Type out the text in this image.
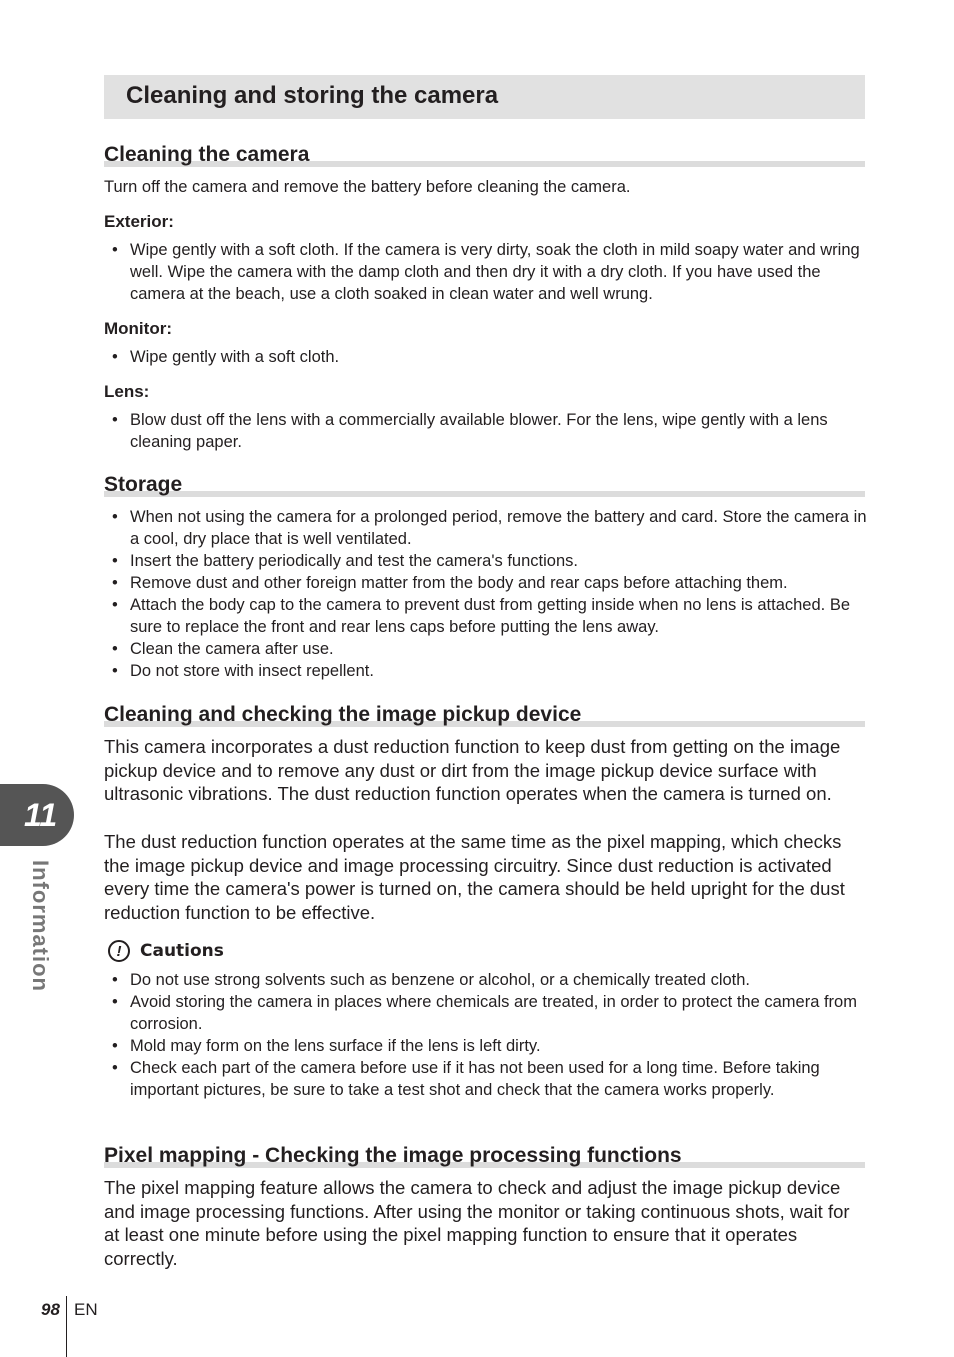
Cleaning and storing the camera
Cleaning the camera

Turn off the camera and remove the battery before cleaning the camera.

Exterior:

• Wipe gently with a soft cloth. If the camera is very dirty, soak the cloth in mild soapy water and wring well. Wipe the camera with the damp cloth and then dry it with a dry cloth. If you have used the camera at the beach, use a cloth soaked in clean water and well wrung.

Monitor:

• Wipe gently with a soft cloth.

Lens:

• Blow dust off the lens with a commercially available blower. For the lens, wipe gently with a lens cleaning paper.
Storage
• When not using the camera for a prolonged period, remove the battery and card. Store the camera in a cool, dry place that is well ventilated.
• Insert the battery periodically and test the camera's functions.
• Remove dust and other foreign matter from the body and rear caps before attaching them.
• Attach the body cap to the camera to prevent dust from getting inside when no lens is attached. Be sure to replace the front and rear lens caps before putting the lens away.
• Clean the camera after use.
• Do not store with insect repellent.
Cleaning and checking the image pickup device

This camera incorporates a dust reduction function to keep dust from getting on the image pickup device and to remove any dust or dirt from the image pickup device surface with ultrasonic vibrations. The dust reduction function operates when the camera is turned on.

The dust reduction function operates at the same time as the pixel mapping, which checks the image pickup device and image processing circuitry. Since dust reduction is activated every time the camera's power is turned on, the camera should be held upright for the dust reduction function to be effective.

!	Cautions
• Do not use strong solvents such as benzene or alcohol, or a chemically treated cloth.
• Avoid storing the camera in places where chemicals are treated, in order to protect the camera from corrosion.
• Mold may form on the lens surface if the lens is left dirty.
• Check each part of the camera before use if it has not been used for a long time. Before taking important pictures, be sure to take a test shot and check that the camera works properly.
Pixel mapping - Checking the image processing functions

The pixel mapping feature allows the camera to check and adjust the image pickup device and image processing functions. After using the monitor or taking continuous shots, wait for at least one minute before using the pixel mapping function to ensure that it operates correctly.

11
Information
98 EN
